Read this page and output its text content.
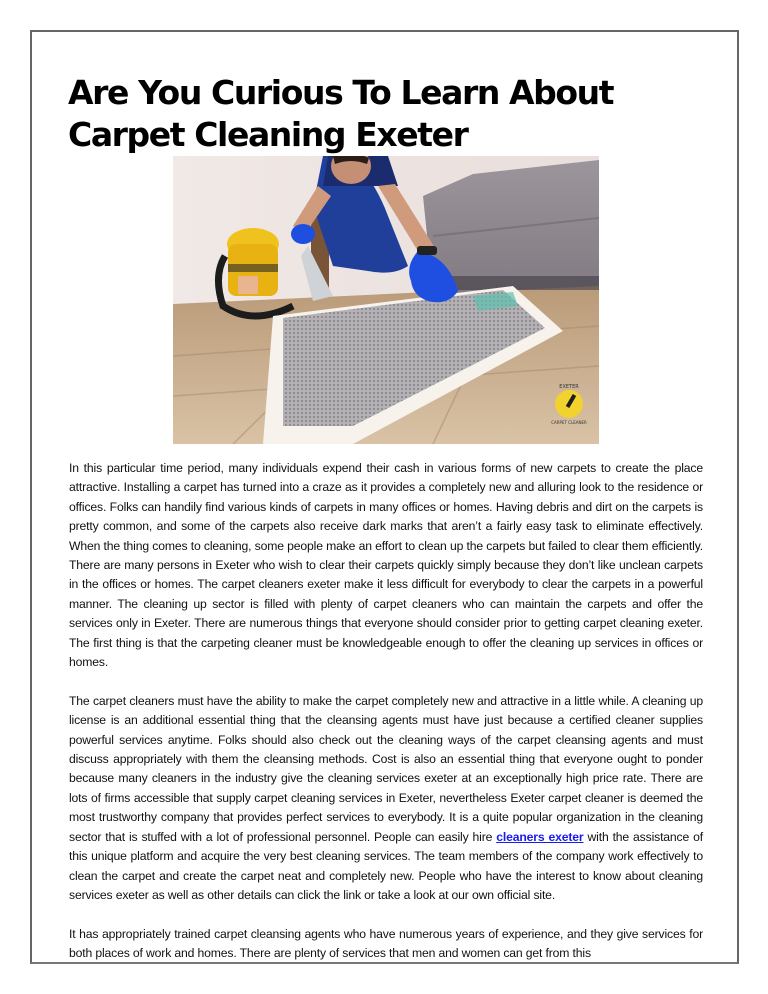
Are You Curious To Learn About
Carpet Cleaning Exeter
EXETER
CARPET CLEANER

In this particular time period, many individuals expend their cash in various forms of new carpets to create the place attractive. Installing a carpet has turned into a craze as it provides a completely new and alluring look to the residence or offices. Folks can handily find various kinds of carpets in many offices or homes. Having debris and dirt on the carpets is pretty common, and some of the carpets also receive dark marks that aren’t a fairly easy task to eliminate effectively. When the thing comes to cleaning, some people make an effort to clean up the carpets but failed to clear them efficiently. There are many persons in Exeter who wish to clear their carpets quickly simply because they don’t like unclean carpets in the offices or homes. The carpet cleaners exeter make it less difficult for everybody to clear the carpets in a powerful manner. The cleaning up sector is filled with plenty of carpet cleaners who can maintain the carpets and offer the services only in Exeter. There are numerous things that everyone should consider prior to getting carpet cleaning exeter. The first thing is that the carpeting cleaner must be knowledgeable enough to offer the cleaning up services in offices or homes.

The carpet cleaners must have the ability to make the carpet completely new and attractive in a little while. A cleaning up license is an additional essential thing that the cleansing agents must have just because a certified cleaner supplies powerful services anytime. Folks should also check out the cleaning ways of the carpet cleansing agents and must discuss appropriately with them the cleansing methods. Cost is also an essential thing that everyone ought to ponder because many cleaners in the industry give the cleaning services exeter at an exceptionally high price rate. There are lots of firms accessible that supply carpet cleaning services in Exeter, nevertheless Exeter carpet cleaner is deemed the most trustworthy company that provides perfect services to everybody. It is a quite popular organization in the cleaning sector that is stuffed with a lot of professional personnel. People can easily hire cleaners exeter with the assistance of this unique platform and acquire the very best cleaning services. The team members of the company work effectively to clean the carpet and create the carpet neat and completely new. People who have the interest to know about cleaning services exeter as well as other details can click the link or take a look at our own official site.

It has appropriately trained carpet cleansing agents who have numerous years of experience, and they give services for both places of work and homes. There are plenty of services that men and women can get from this
